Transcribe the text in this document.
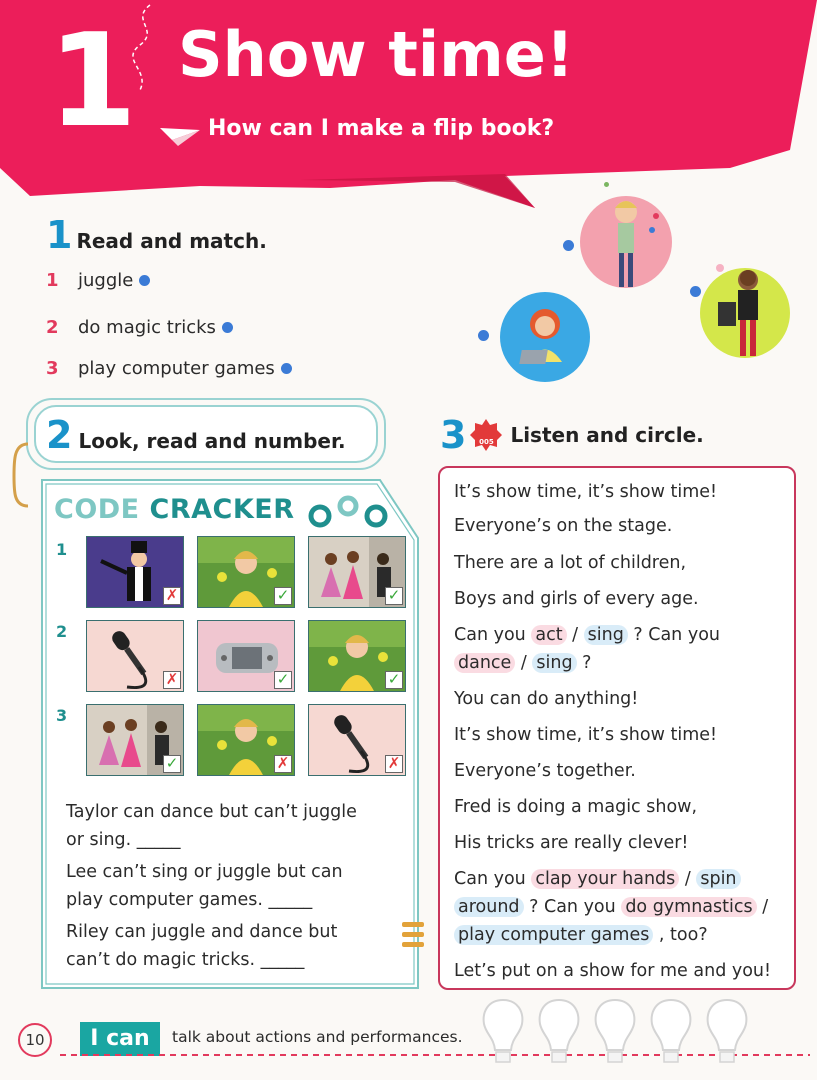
1 Show time!
How can I make a flip book?
1 Read and match.
1	juggle
2	do magic tricks
3	play computer games
2 Look, read and number.
CODE CRACKER
1
2
3
✗	✓	✓
✗	✓	✓
✓	✗	✗
Taylor can dance but can’t juggle
or sing. _____
Lee can’t sing or juggle but can
play computer games. _____
Riley can juggle and dance but
can’t do magic tricks. _____
3	005 Listen and circle.
It’s show time, it’s show time!
Everyone’s on the stage.
There are a lot of children,
Boys and girls of every age.
Can you act / sing ? Can you
dance / sing ?
You can do anything!
It’s show time, it’s show time!
Everyone’s together.
Fred is doing a magic show,
His tricks are really clever!
Can you clap your hands / spin
around ? Can you do gymnastics /
play computer games , too?
Let’s put on a show for me and you!
10	I can	talk about actions and performances.
